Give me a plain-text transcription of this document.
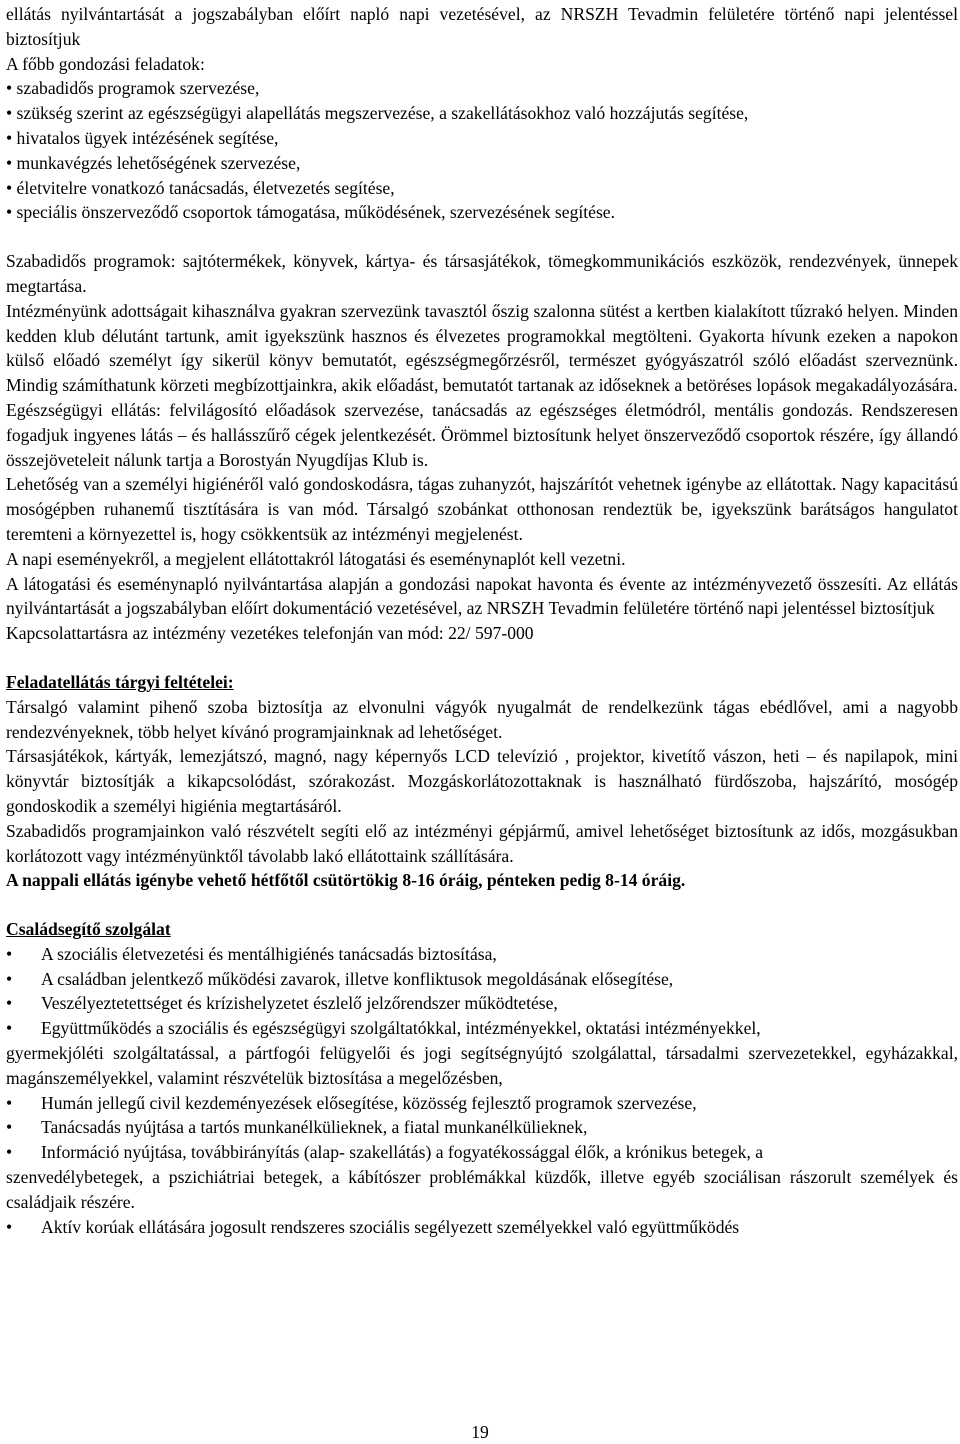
ellátás nyilvántartását a jogszabályban előírt napló napi vezetésével, az NRSZH Tevadmin felületére történő napi jelentéssel biztosítjuk

A főbb gondozási feladatok:
• szabadidős programok szervezése,
• szükség szerint az egészségügyi alapellátás megszervezése, a szakellátásokhoz való hozzájutás segítése,
• hivatalos ügyek intézésének segítése,
• munkavégzés lehetőségének szervezése,
• életvitelre vonatkozó tanácsadás, életvezetés segítése,
• speciális önszerveződő csoportok támogatása, működésének, szervezésének segítése.

Szabadidős programok: sajtótermékek, könyvek, kártya- és társasjátékok, tömegkommunikációs eszközök, rendezvények, ünnepek megtartása.

Intézményünk adottságait kihasználva gyakran szervezünk tavasztól őszig szalonna sütést a kertben kialakított tűzrakó helyen. Minden kedden klub délutánt tartunk, amit igyekszünk hasznos és élvezetes programokkal megtölteni. Gyakorta hívunk ezeken a napokon külső előadó személyt így sikerül könyv bemutatót, egészségmegőrzésről, természet gyógyászatról szóló előadást szerveznünk. Mindig számíthatunk körzeti megbízottjainkra, akik előadást, bemutatót tartanak az időseknek a betöréses lopások megakadályozására.

Egészségügyi ellátás: felvilágosító előadások szervezése, tanácsadás az egészséges életmódról, mentális gondozás. Rendszeresen fogadjuk ingyenes látás – és hallásszűrő cégek jelentkezését. Örömmel biztosítunk helyet önszerveződő csoportok részére, így állandó összejöveteleit nálunk tartja a Borostyán Nyugdíjas Klub is.

Lehetőség van a személyi higiénéről való gondoskodásra, tágas zuhanyzót, hajszárítót vehetnek igénybe az ellátottak. Nagy kapacitású mosógépben ruhanemű tisztítására is van mód. Társalgó szobánkat otthonosan rendeztük be, igyekszünk barátságos hangulatot teremteni a környezettel is, hogy csökkentsük az intézményi megjelenést.

A napi eseményekről, a megjelent ellátottakról látogatási és eseménynaplót kell vezetni.

A látogatási és eseménynapló nyilvántartása alapján a gondozási napokat havonta és évente az intézményvezető összesíti. Az ellátás nyilvántartását a jogszabályban előírt dokumentáció vezetésével, az NRSZH Tevadmin felületére történő napi jelentéssel biztosítjuk

Kapcsolattartásra az intézmény vezetékes telefonján van mód: 22/ 597-000

Feladatellátás tárgyi feltételei:

Társalgó valamint pihenő szoba biztosítja az elvonulni vágyók nyugalmát de rendelkezünk tágas ebédlővel, ami a nagyobb rendezvényeknek, több helyet kívánó programjainknak ad lehetőséget.

Társasjátékok, kártyák, lemezjátszó, magnó, nagy képernyős LCD televízió , projektor, kivetítő vászon, heti – és napilapok, mini könyvtár biztosítják a kikapcsolódást, szórakozást. Mozgáskorlátozottaknak is használható fürdőszoba, hajszárító, mosógép gondoskodik a személyi higiénia megtartásáról.

Szabadidős programjainkon való részvételt segíti elő az intézményi gépjármű, amivel lehetőséget biztosítunk az idős, mozgásukban korlátozott vagy intézményünktől távolabb lakó ellátottaink szállítására.

A nappali ellátás igénybe vehető hétfőtől csütörtökig 8-16 óráig, pénteken pedig 8-14 óráig.

Családsegítő szolgálat
• A szociális életvezetési és mentálhigiénés tanácsadás biztosítása,
• A családban jelentkező működési zavarok, illetve konfliktusok megoldásának elősegítése,
• Veszélyeztetettséget és krízishelyzetet észlelő jelzőrendszer működtetése,
• Együttműködés a szociális és egészségügyi szolgáltatókkal, intézményekkel, oktatási intézményekkel,

gyermekjóléti szolgáltatással, a pártfogói felügyelői és jogi segítségnyújtó szolgálattal, társadalmi szervezetekkel, egyházakkal, magánszemélyekkel, valamint részvételük biztosítása a megelőzésben,

• Humán jellegű civil kezdeményezések elősegítése, közösség fejlesztő programok szervezése,
• Tanácsadás nyújtása a tartós munkanélkülieknek, a fiatal munkanélkülieknek,
• Információ nyújtása, továbbirányítás (alap- szakellátás) a fogyatékossággal élők, a krónikus betegek, a

szenvedélybetegek, a pszichiátriai betegek, a kábítószer problémákkal küzdők, illetve egyéb szociálisan rászorult személyek és családjaik részére.

• Aktív korúak ellátására jogosult rendszeres szociális segélyezett személyekkel való együttműködés
19
